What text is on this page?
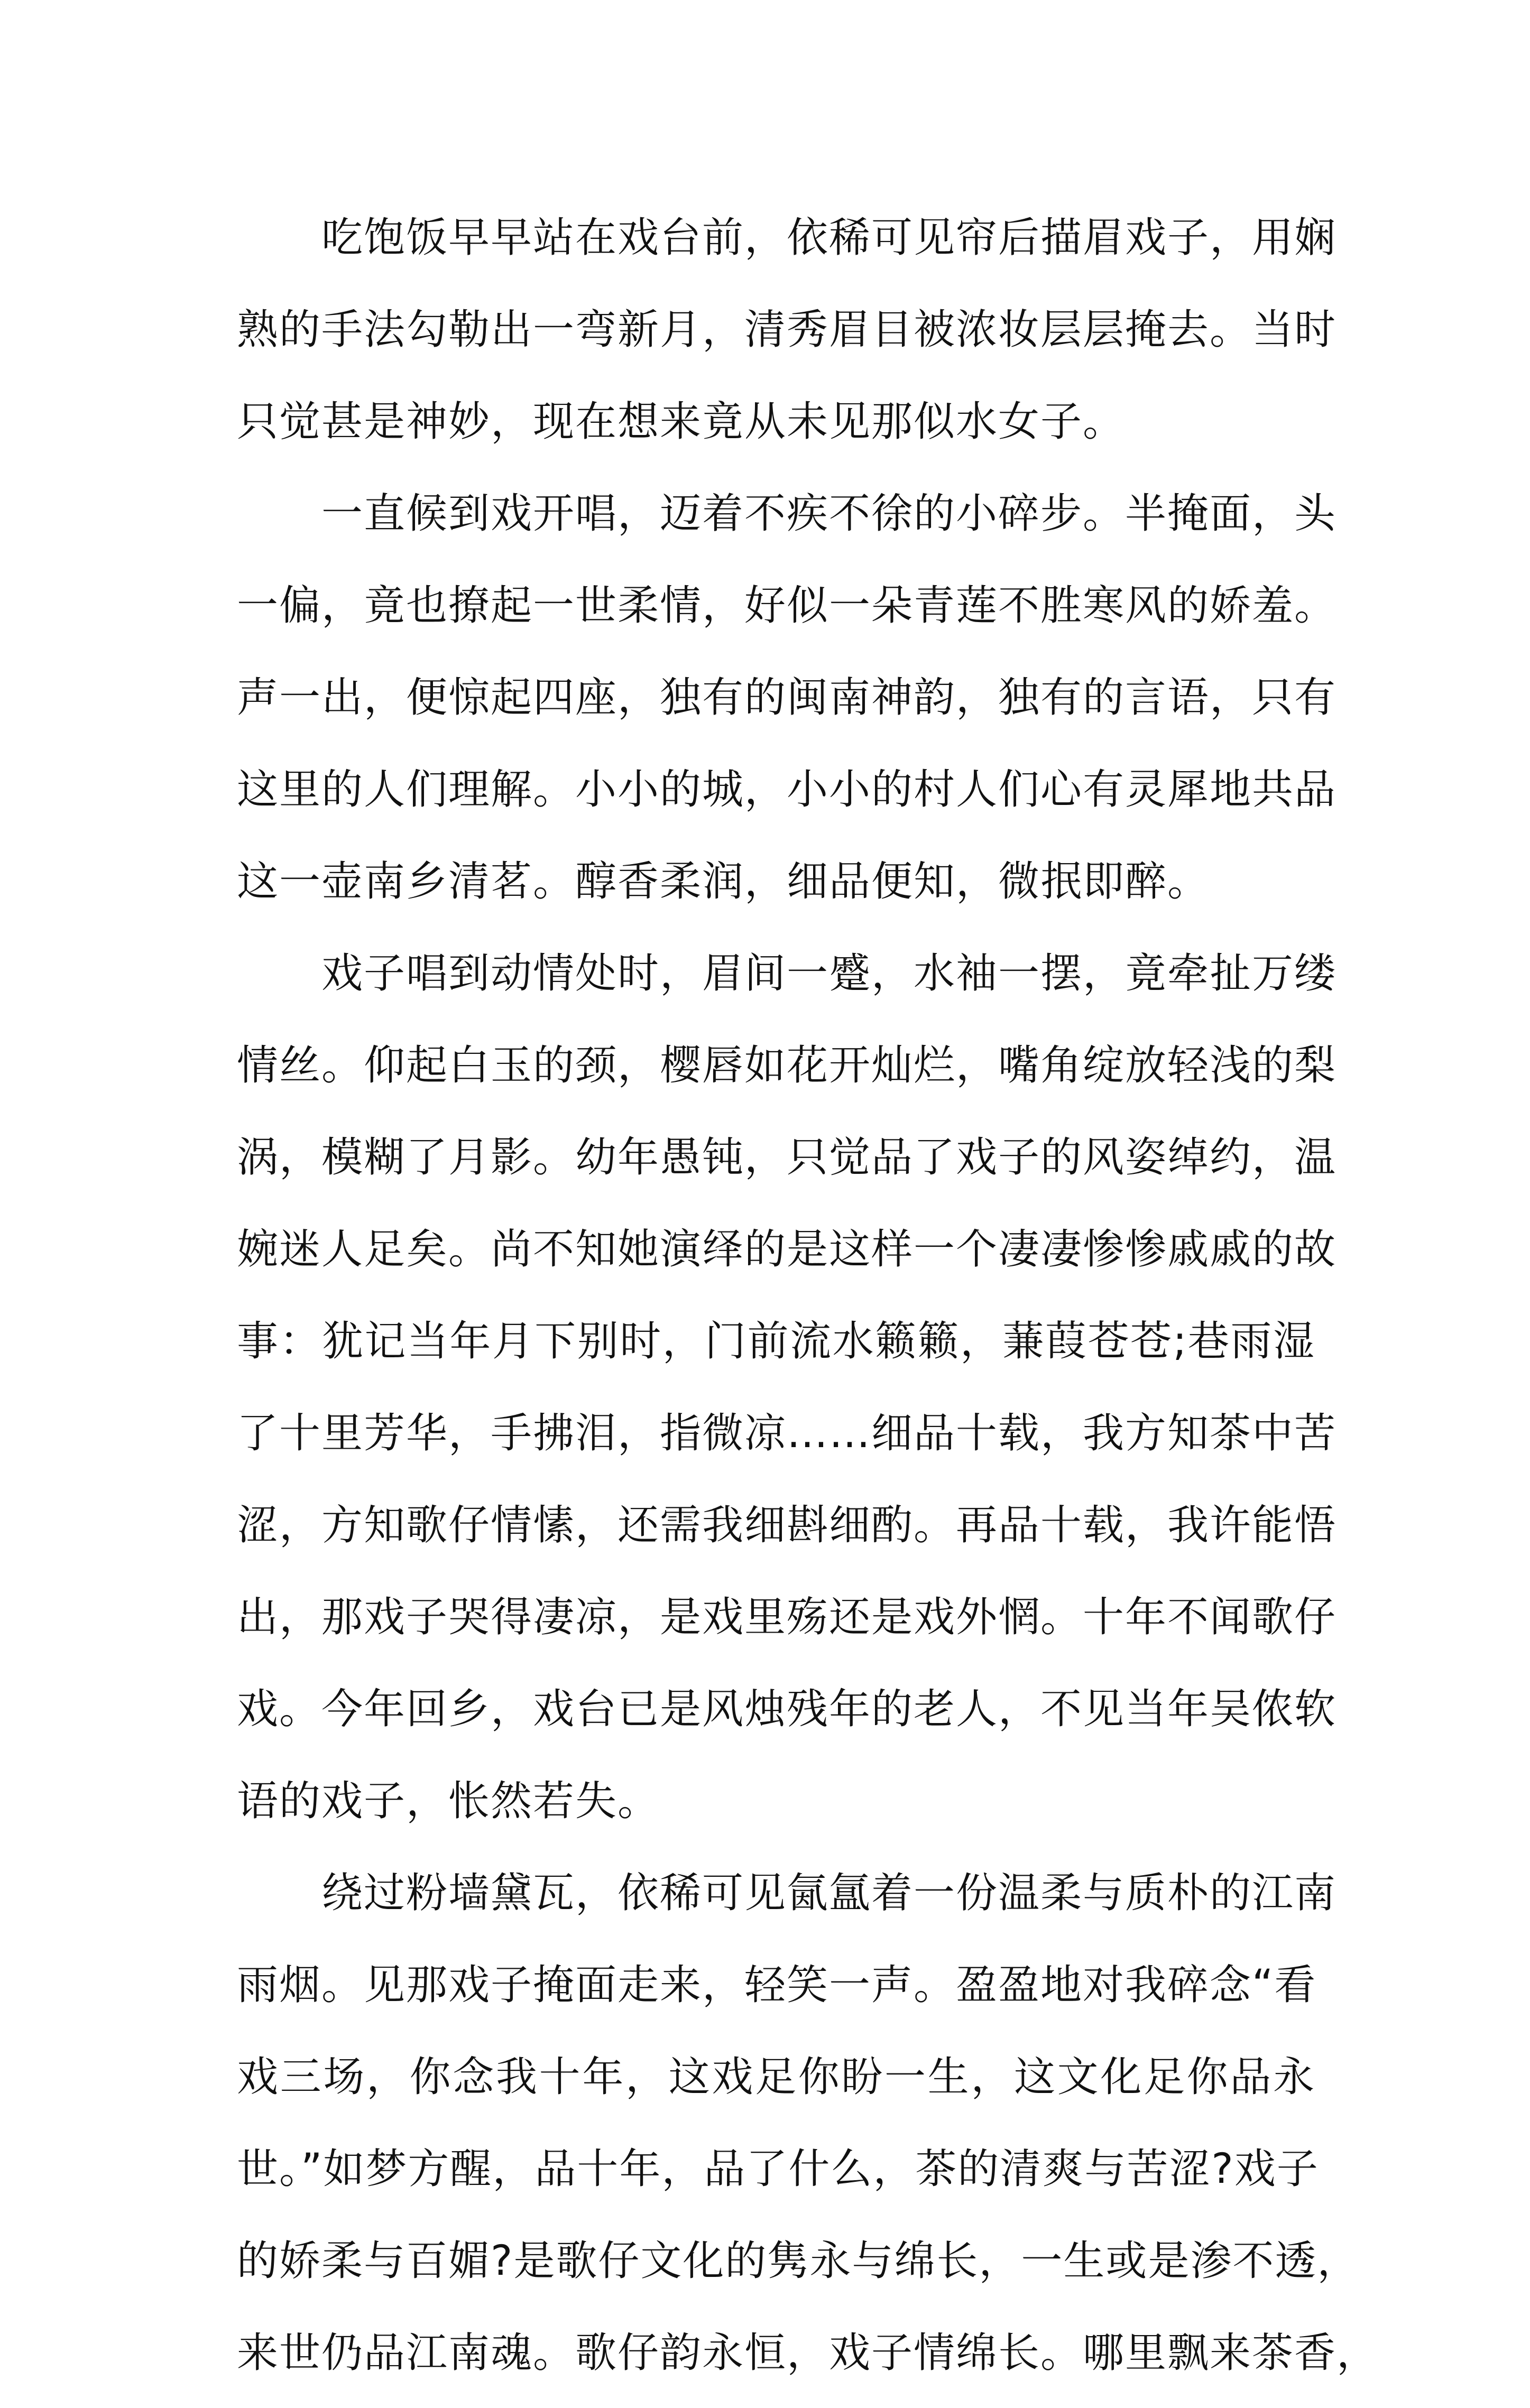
吃饱饭早早站在戏台前，依稀可见帘后描眉戏子，用娴
熟的手法勾勒出一弯新月，清秀眉目被浓妆层层掩去。当时
只觉甚是神妙，现在想来竟从未见那似水女子。
一直候到戏开唱，迈着不疾不徐的小碎步。半掩面，头
一偏，竟也撩起一世柔情，好似一朵青莲不胜寒风的娇羞。
声一出，便惊起四座，独有的闽南神韵，独有的言语，只有
这里的人们理解。小小的城，小小的村人们心有灵犀地共品
这一壶南乡清茗。醇香柔润，细品便知，微抿即醉。
戏子唱到动情处时，眉间一蹙，水袖一摆，竟牵扯万缕
情丝。仰起白玉的颈，樱唇如花开灿烂，嘴角绽放轻浅的梨
涡，模糊了月影。幼年愚钝，只觉品了戏子的风姿绰约，温
婉迷人足矣。尚不知她演绎的是这样一个凄凄惨惨戚戚的故
事：犹记当年月下别时，门前流水籁籁，蒹葭苍苍;巷雨湿
了十里芳华，手拂泪，指微凉……细品十载，我方知茶中苦
涩，方知歌仔情愫，还需我细斟细酌。再品十载，我许能悟
出，那戏子哭得凄凉，是戏里殇还是戏外惘。十年不闻歌仔
戏。今年回乡，戏台已是风烛残年的老人，不见当年吴侬软
语的戏子，怅然若失。
绕过粉墙黛瓦，依稀可见氤氲着一份温柔与质朴的江南
雨烟。见那戏子掩面走来，轻笑一声。盈盈地对我碎念“看
戏三场，你念我十年，这戏足你盼一生，这文化足你品永
世。”如梦方醒，品十年，品了什么，茶的清爽与苦涩?戏子
的娇柔与百媚?是歌仔文化的隽永与绵长，一生或是渗不透，
来世仍品江南魂。歌仔韵永恒，戏子情绵长。哪里飘来茶香，
